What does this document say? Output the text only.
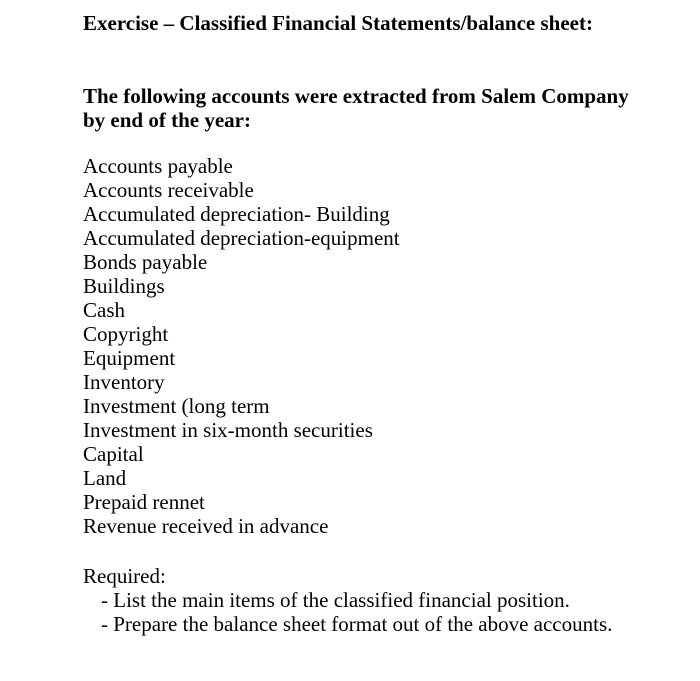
Exercise – Classified Financial Statements/balance sheet:
The following accounts were extracted from Salem Company
by end of the year:
Accounts payable
Accounts receivable
Accumulated depreciation- Building
Accumulated depreciation-equipment
Bonds payable
Buildings
Cash
Copyright
Equipment
Inventory
Investment (long term
Investment in six-month securities
Capital
Land
Prepaid rennet
Revenue received in advance
Required:
- List the main items of the classified financial position.
- Prepare the balance sheet format out of the above accounts.
